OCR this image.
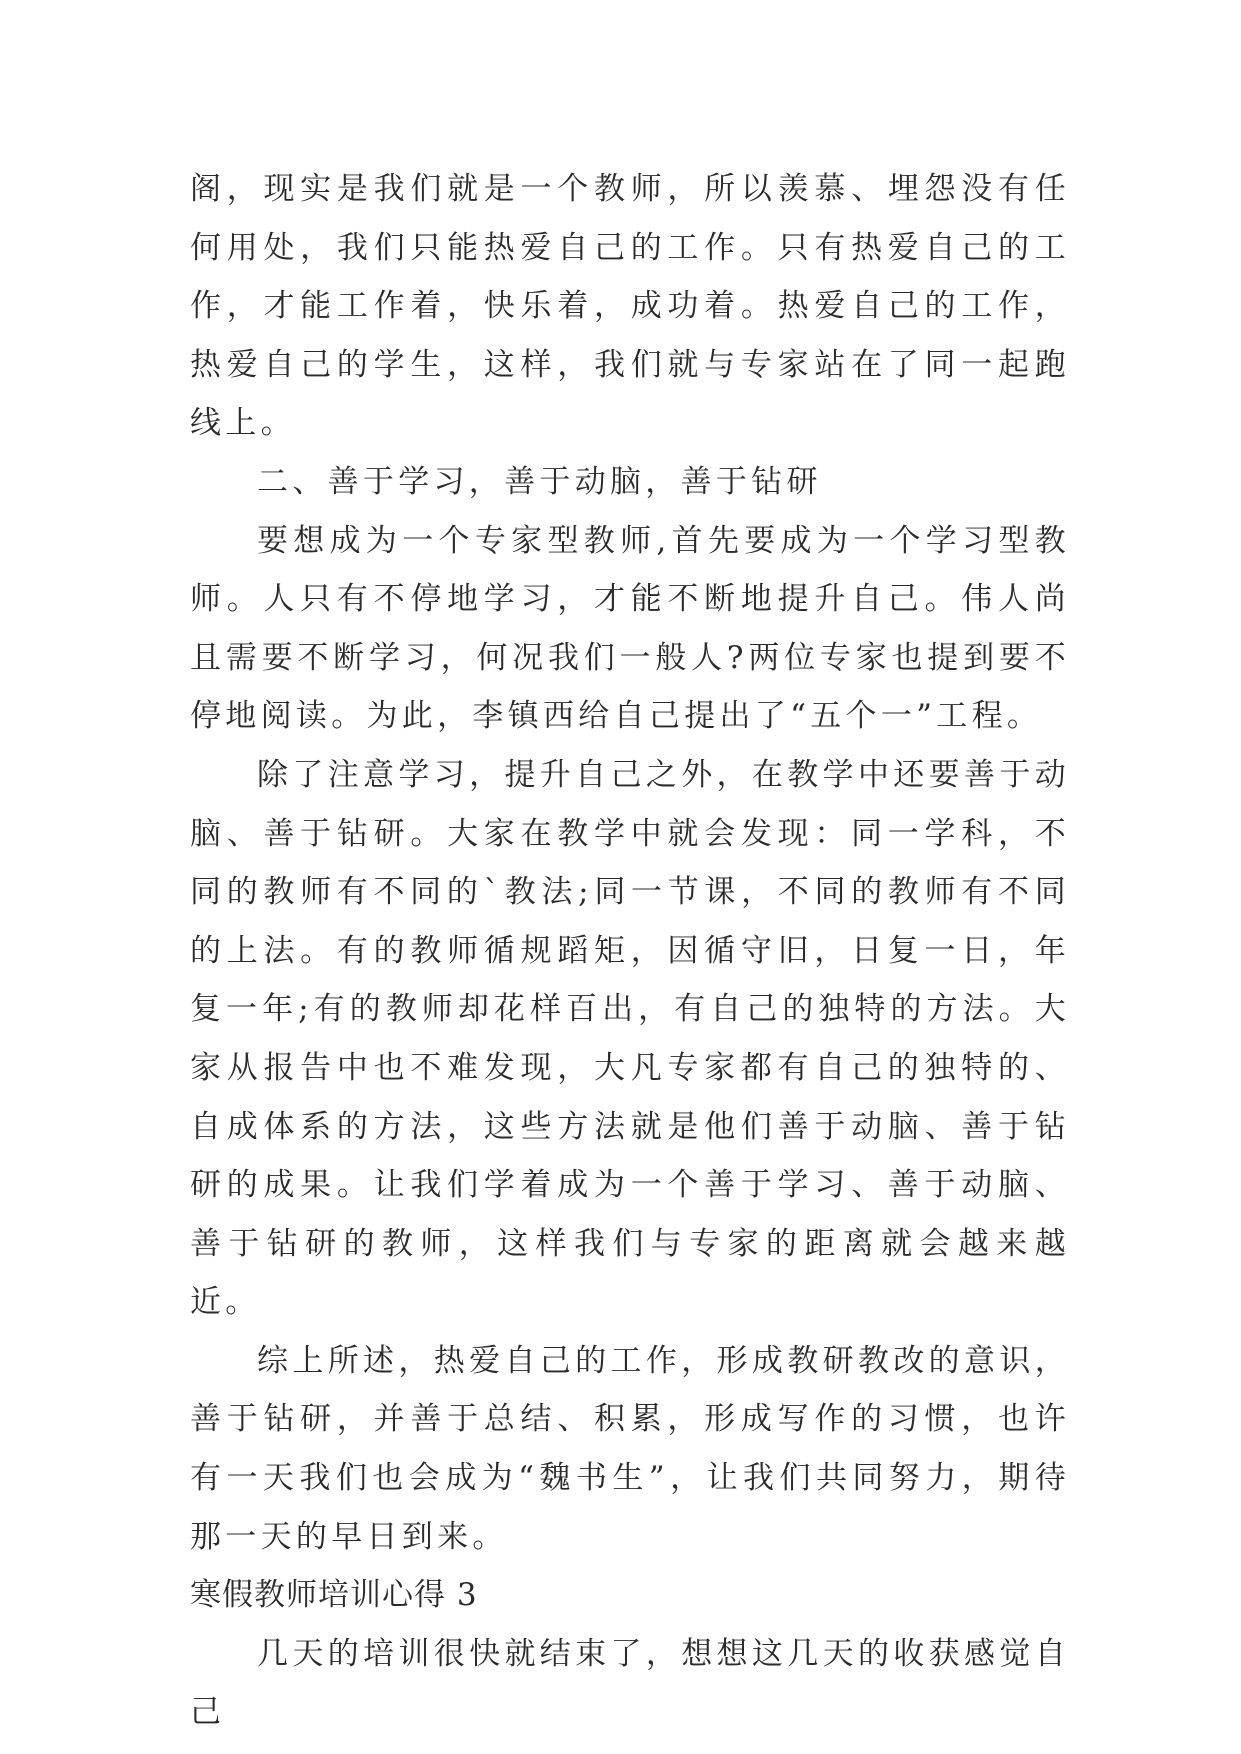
阁，现实是我们就是一个教师，所以羡慕、埋怨没有任何用处，我们只能热爱自己的工作。只有热爱自己的工作，才能工作着，快乐着，成功着。热爱自己的工作，热爱自己的学生，这样，我们就与专家站在了同一起跑线上。

二、善于学习，善于动脑，善于钻研

要想成为一个专家型教师,首先要成为一个学习型教师。人只有不停地学习，才能不断地提升自己。伟人尚且需要不断学习，何况我们一般人?两位专家也提到要不停地阅读。为此，李镇西给自己提出了“五个一”工程。

除了注意学习，提升自己之外，在教学中还要善于动脑、善于钻研。大家在教学中就会发现：同一学科，不同的教师有不同的`教法;同一节课，不同的教师有不同的上法。有的教师循规蹈矩，因循守旧，日复一日，年复一年;有的教师却花样百出，有自己的独特的方法。大家从报告中也不难发现，大凡专家都有自己的独特的、自成体系的方法，这些方法就是他们善于动脑、善于钻研的成果。让我们学着成为一个善于学习、善于动脑、善于钻研的教师，这样我们与专家的距离就会越来越近。

综上所述，热爱自己的工作，形成教研教改的意识，善于钻研，并善于总结、积累，形成写作的习惯，也许有一天我们也会成为“魏书生”，让我们共同努力，期待那一天的早日到来。

寒假教师培训心得 3

几天的培训很快就结束了，想想这几天的收获感觉自己
